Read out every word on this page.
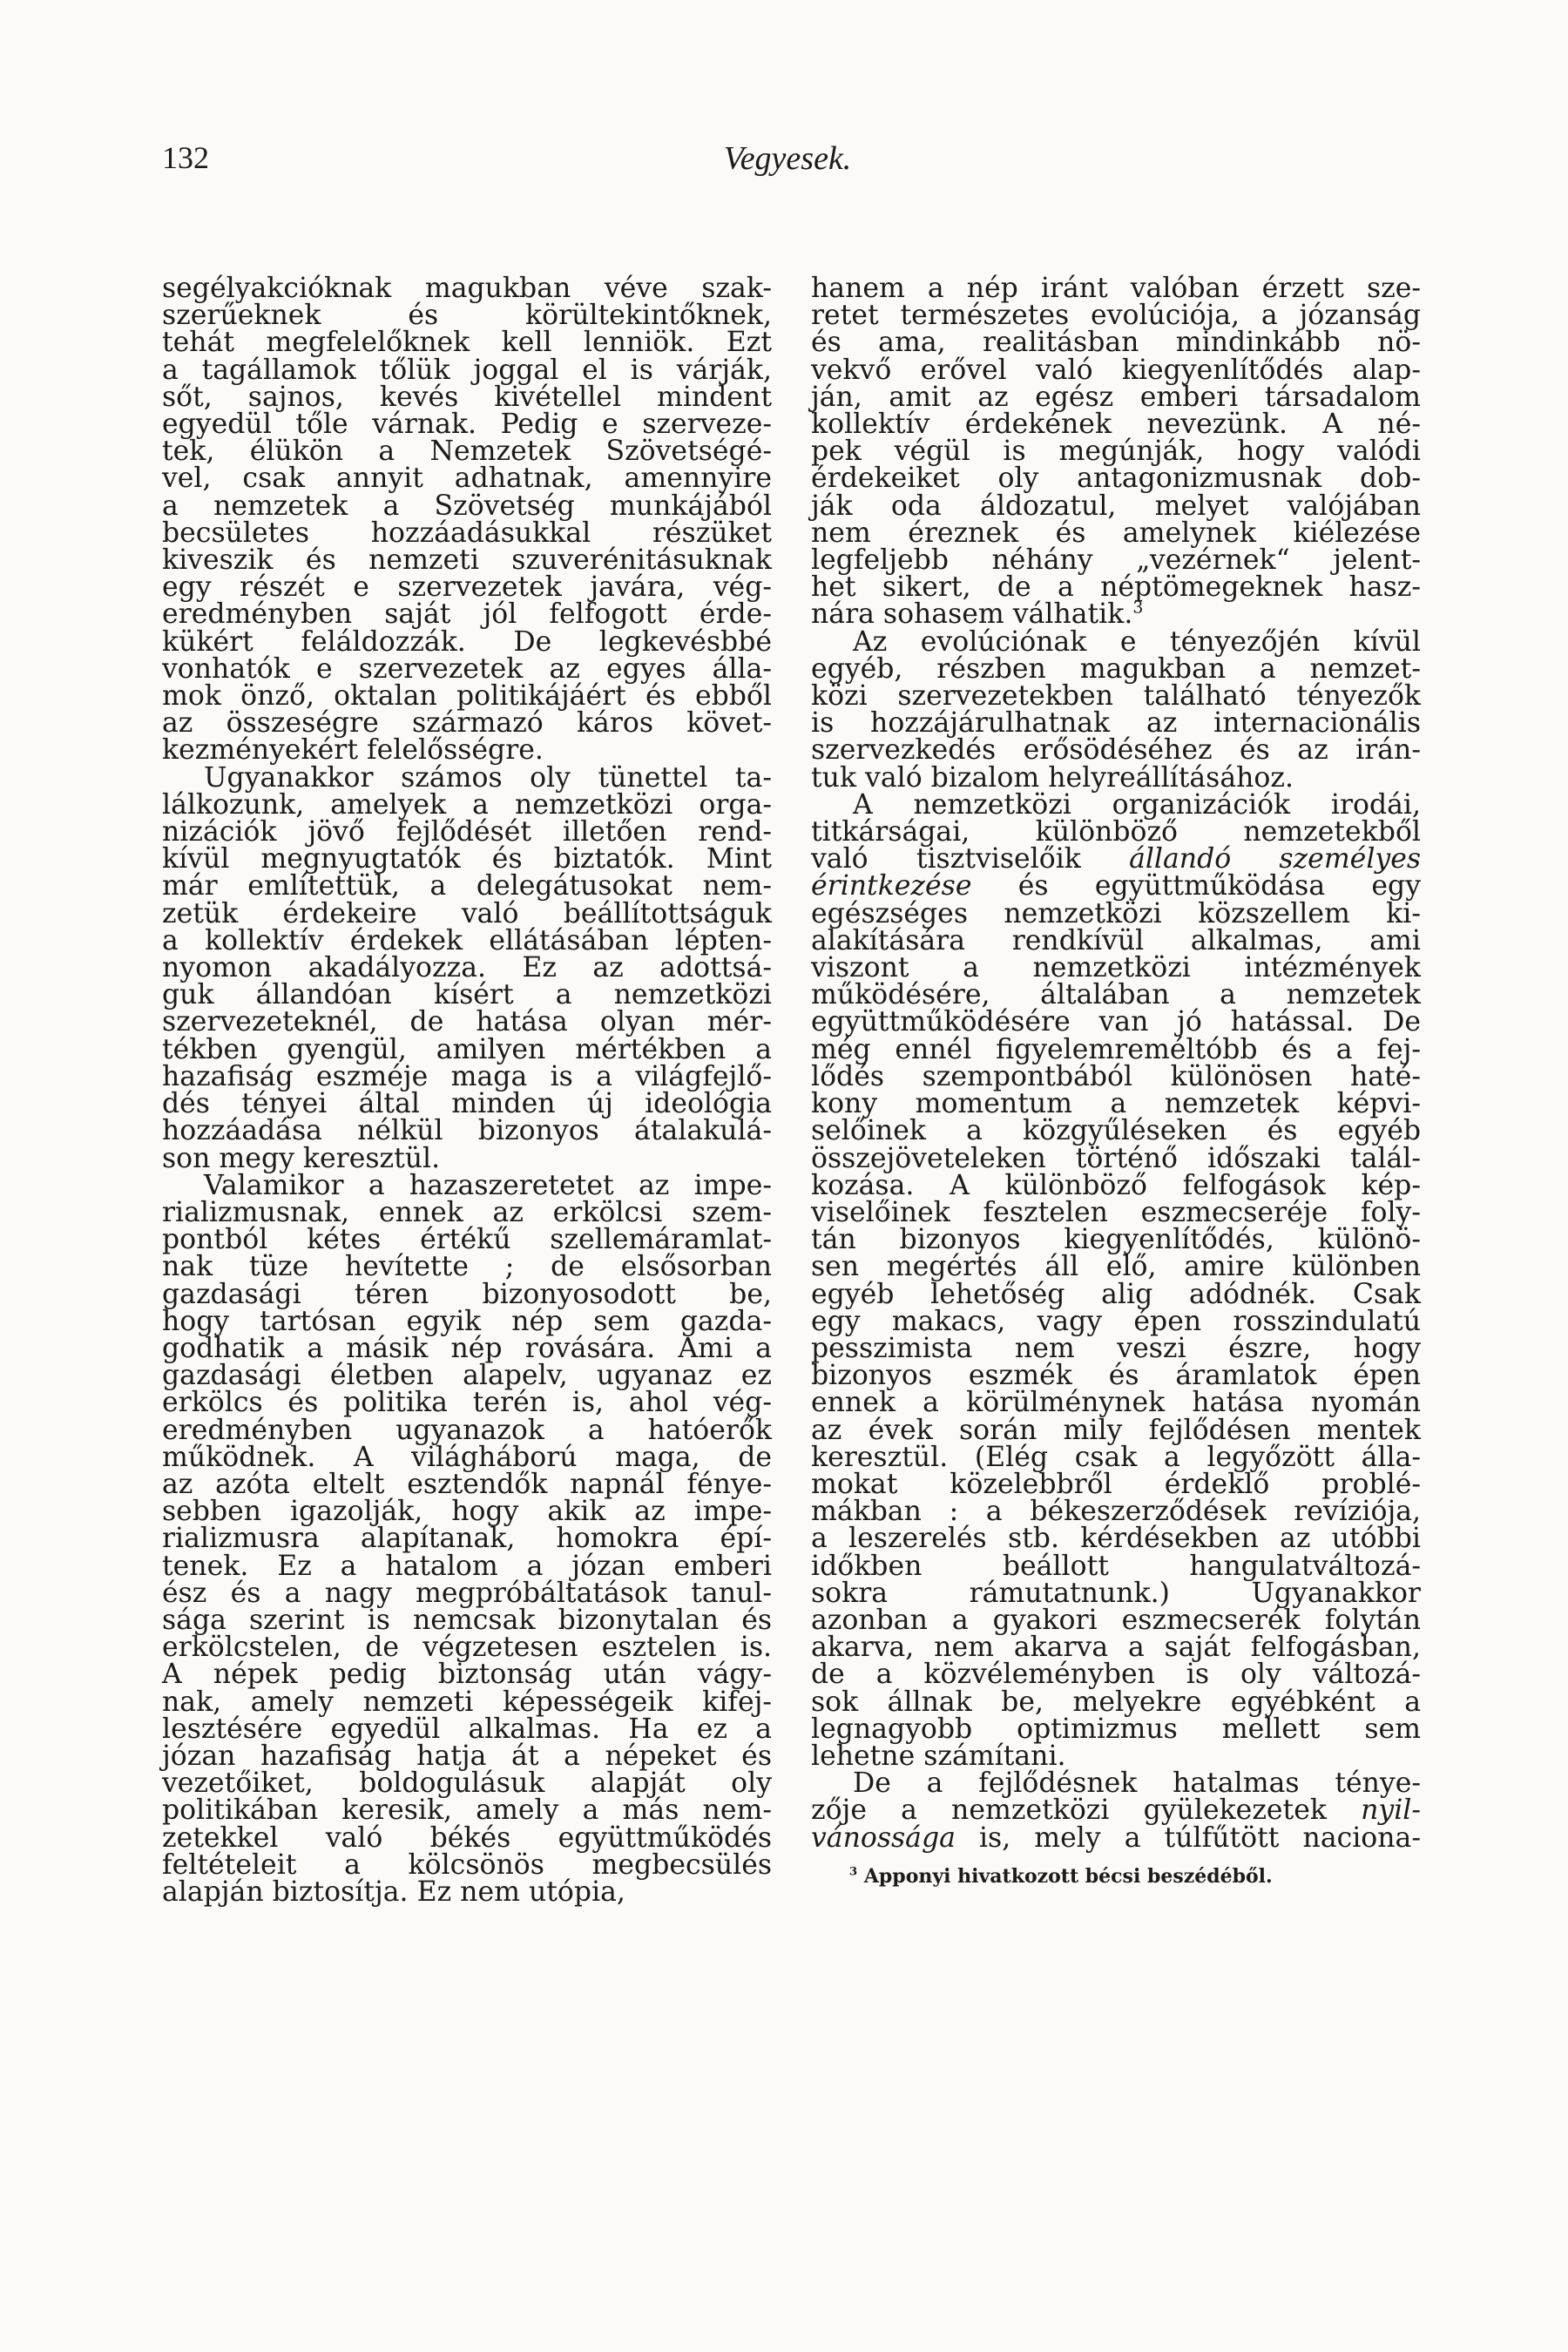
132	Vegyesek.
segélyakcióknak magukban véve szak-
szerűeknek és körültekintőknek,
tehát megfelelőknek kell lenniök. Ezt
a tagállamok tőlük joggal el is várják,
sőt, sajnos, kevés kivétellel mindent
egyedül tőle várnak. Pedig e szerveze-
tek, élükön a Nemzetek Szövetségé-
vel, csak annyit adhatnak, amennyire
a nemzetek a Szövetség munkájából
becsületes hozzáadásukkal részüket
kiveszik és nemzeti szuverénitásuknak
egy részét e szervezetek javára, vég-
eredményben saját jól felfogott érde-
kükért feláldozzák. De legkevésbbé
vonhatók e szervezetek az egyes álla-
mok önző, oktalan politikájáért és ebből
az összeségre származó káros követ-
kezményekért felelősségre.
Ugyanakkor számos oly tünettel ta-
lálkozunk, amelyek a nemzetközi orga-
nizációk jövő fejlődését illetően rend-
kívül megnyugtatók és biztatók. Mint
már említettük, a delegátusokat nem-
zetük érdekeire való beállítottságuk
a kollektív érdekek ellátásában lépten-
nyomon akadályozza. Ez az adottsá-
guk állandóan kísért a nemzetközi
szervezeteknél, de hatása olyan mér-
tékben gyengül, amilyen mértékben a
hazafiság eszméje maga is a világfejlő-
dés tényei által minden új ideológia
hozzáadása nélkül bizonyos átalakulá-
son megy keresztül.
Valamikor a hazaszeretetet az impe-
rializmusnak, ennek az erkölcsi szem-
pontból kétes értékű szellemáramlat-
nak tüze hevítette ; de elsősorban
gazdasági téren bizonyosodott be,
hogy tartósan egyik nép sem gazda-
godhatik a másik nép rovására. Ami a
gazdasági életben alapelv, ugyanaz ez
erkölcs és politika terén is, ahol vég-
eredményben ugyanazok a hatóerők
működnek. A világháború maga, de
az azóta eltelt esztendők napnál fénye-
sebben igazolják, hogy akik az impe-
rializmusra alapítanak, homokra épí-
tenek. Ez a hatalom a józan emberi
ész és a nagy megpróbáltatások tanul-
sága szerint is nemcsak bizonytalan és
erkölcstelen, de végzetesen esztelen is.
A népek pedig biztonság után vágy-
nak, amely nemzeti képességeik kifej-
lesztésére egyedül alkalmas. Ha ez a
józan hazafiság hatja át a népeket és
vezetőiket, boldogulásuk alapját oly
politikában keresik, amely a más nem-
zetekkel való békés együttműködés
feltételeit a kölcsönös megbecsülés
alapján biztosítja. Ez nem utópia,
hanem a nép iránt valóban érzett sze-
retet természetes evolúciója, a józanság
és ama, realitásban mindinkább nö-
vekvő erővel való kiegyenlítődés alap-
ján, amit az egész emberi társadalom
kollektív érdekének nevezünk. A né-
pek végül is megúnják, hogy valódi
érdekeiket oly antagonizmusnak dob-
ják oda áldozatul, melyet valójában
nem éreznek és amelynek kiélezése
legfeljebb néhány „vezérnek“ jelent-
het sikert, de a néptömegeknek hasz-
nára sohasem válhatik.$^3$
Az evolúciónak e tényezőjén kívül
egyéb, részben magukban a nemzet-
közi szervezetekben található tényezők
is hozzájárulhatnak az internacionális
szervezkedés erősödéséhez és az irán-
tuk való bizalom helyreállításához.
A nemzetközi organizációk irodái,
titkárságai, különböző nemzetekből
való tisztviselőik állandó személyes
érintkezése és együttműködása egy
egészséges nemzetközi közszellem ki-
alakítására rendkívül alkalmas, ami
viszont a nemzetközi intézmények
működésére, általában a nemzetek
együttműködésére van jó hatással. De
még ennél figyelemreméltóbb és a fej-
lődés szempontbából különösen haté-
kony momentum a nemzetek képvi-
selőinek a közgyűléseken és egyéb
összejöveteleken történő időszaki talál-
kozása. A különböző felfogások kép-
viselőinek fesztelen eszmecseréje foly-
tán bizonyos kiegyenlítődés, különö-
sen megértés áll elő, amire különben
egyéb lehetőség alig adódnék. Csak
egy makacs, vagy épen rosszindulatú
pesszimista nem veszi észre, hogy
bizonyos eszmék és áramlatok épen
ennek a körülménynek hatása nyomán
az évek során mily fejlődésen mentek
keresztül. (Elég csak a legyőzött álla-
mokat közelebbről érdeklő problé-
mákban : a békeszerződések revíziója,
a leszerelés stb. kérdésekben az utóbbi
időkben beállott hangulatváltozá-
sokra rámutatnunk.) Ugyanakkor
azonban a gyakori eszmecserék folytán
akarva, nem akarva a saját felfogásban,
de a közvéleményben is oly változá-
sok állnak be, melyekre egyébként a
legnagyobb optimizmus mellett sem
lehetne számítani.
De a fejlődésnek hatalmas ténye-
zője a nemzetközi gyülekezetek nyil-
vánossága is, mely a túlfűtött naciona-
$^3$ Apponyi hivatkozott bécsi beszédéből.
